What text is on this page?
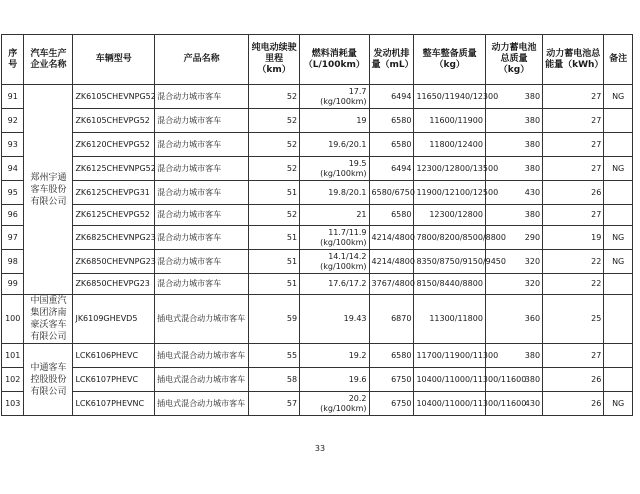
序号	汽车生产企业名称	车辆型号	产品名称	纯电动续驶里程（km）	燃料消耗量（L/100km）	发动机排量（mL）	整车整备质量（kg）	动力蓄电池总质量（kg）	动力蓄电池总能量（kWh）	备注
91	郑州宇通客车股份有限公司	ZK6105CHEVNPG52	混合动力城市客车	52	17.7 (kg/100km)	6494	11650/11940/12300	380	27	NG
92		ZK6105CHEVPG52	混合动力城市客车	52	19	6580	11600/11900	380	27	
93		ZK6120CHEVPG52	混合动力城市客车	52	19.6/20.1	6580	11800/12400	380	27	
94		ZK6125CHEVNPG52	混合动力城市客车	52	19.5 (kg/100km)	6494	12300/12800/13500	380	27	NG
95		ZK6125CHEVPG31	混合动力城市客车	51	19.8/20.1	6580/6750	11900/12100/12500	430	26	
96		ZK6125CHEVPG52	混合动力城市客车	52	21	6580	12300/12800	380	27	
97		ZK6825CHEVNPG23	混合动力城市客车	51	11.7/11.9 (kg/100km)	4214/4800	7800/8200/8500/8800	290	19	NG
98		ZK6850CHEVNPG23	混合动力城市客车	51	14.1/14.2 (kg/100km)	4214/4800	8350/8750/9150/9450	320	22	NG
99		ZK6850CHEVPG23	混合动力城市客车	51	17.6/17.2	3767/4800	8150/8440/8800	320	22	
100	中国重汽集团济南豪沃客车有限公司	JK6109GHEVD5	插电式混合动力城市客车	59	19.43	6870	11300/11800	360	25	
101	中通客车控股股份有限公司	LCK6106PHEVC	插电式混合动力城市客车	55	19.2	6580	11700/11900/11300	380	27	
102		LCK6107PHEVC	插电式混合动力城市客车	58	19.6	6750	10400/11000/11300/11600	380	26	
103		LCK6107PHEVNC	插电式混合动力城市客车	57	20.2 (kg/100km)	6750	10400/11000/11300/11600	430	26	NG
33
